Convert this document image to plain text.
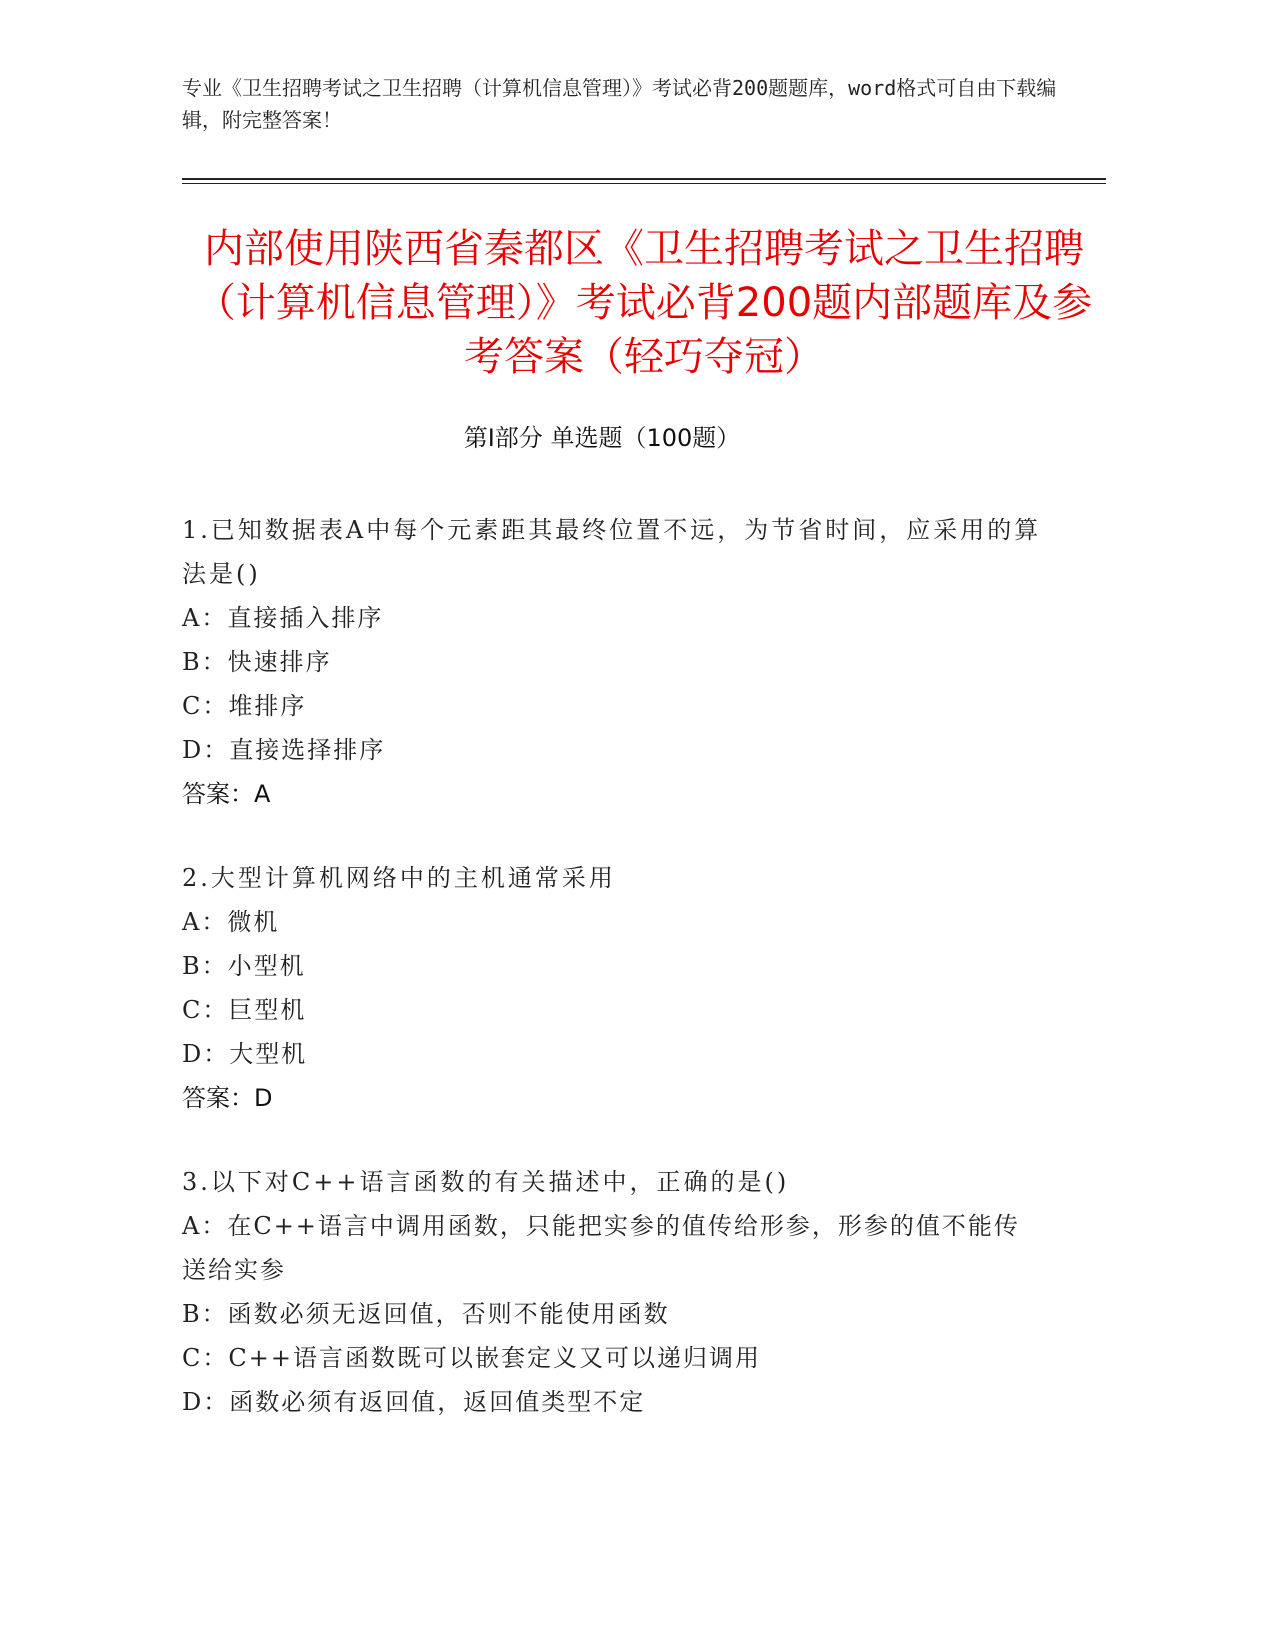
专业《卫生招聘考试之卫生招聘（计算机信息管理）》考试必背200题题库，word格式可自由下载编辑，附完整答案！
内部使用陕西省秦都区《卫生招聘考试之卫生招聘（计算机信息管理）》考试必背200题内部题库及参考答案（轻巧夺冠）
第Ⅰ部分 单选题（100题）
1.已知数据表A中每个元素距其最终位置不远，为节省时间，应采用的算法是()
A：直接插入排序
B：快速排序
C：堆排序
D：直接选择排序
答案：A
2.大型计算机网络中的主机通常采用
A：微机
B：小型机
C：巨型机
D：大型机
答案：D
3.以下对C++语言函数的有关描述中，正确的是()
A：在C++语言中调用函数，只能把实参的值传给形参，形参的值不能传送给实参
B：函数必须无返回值，否则不能使用函数
C：C++语言函数既可以嵌套定义又可以递归调用
D：函数必须有返回值，返回值类型不定
